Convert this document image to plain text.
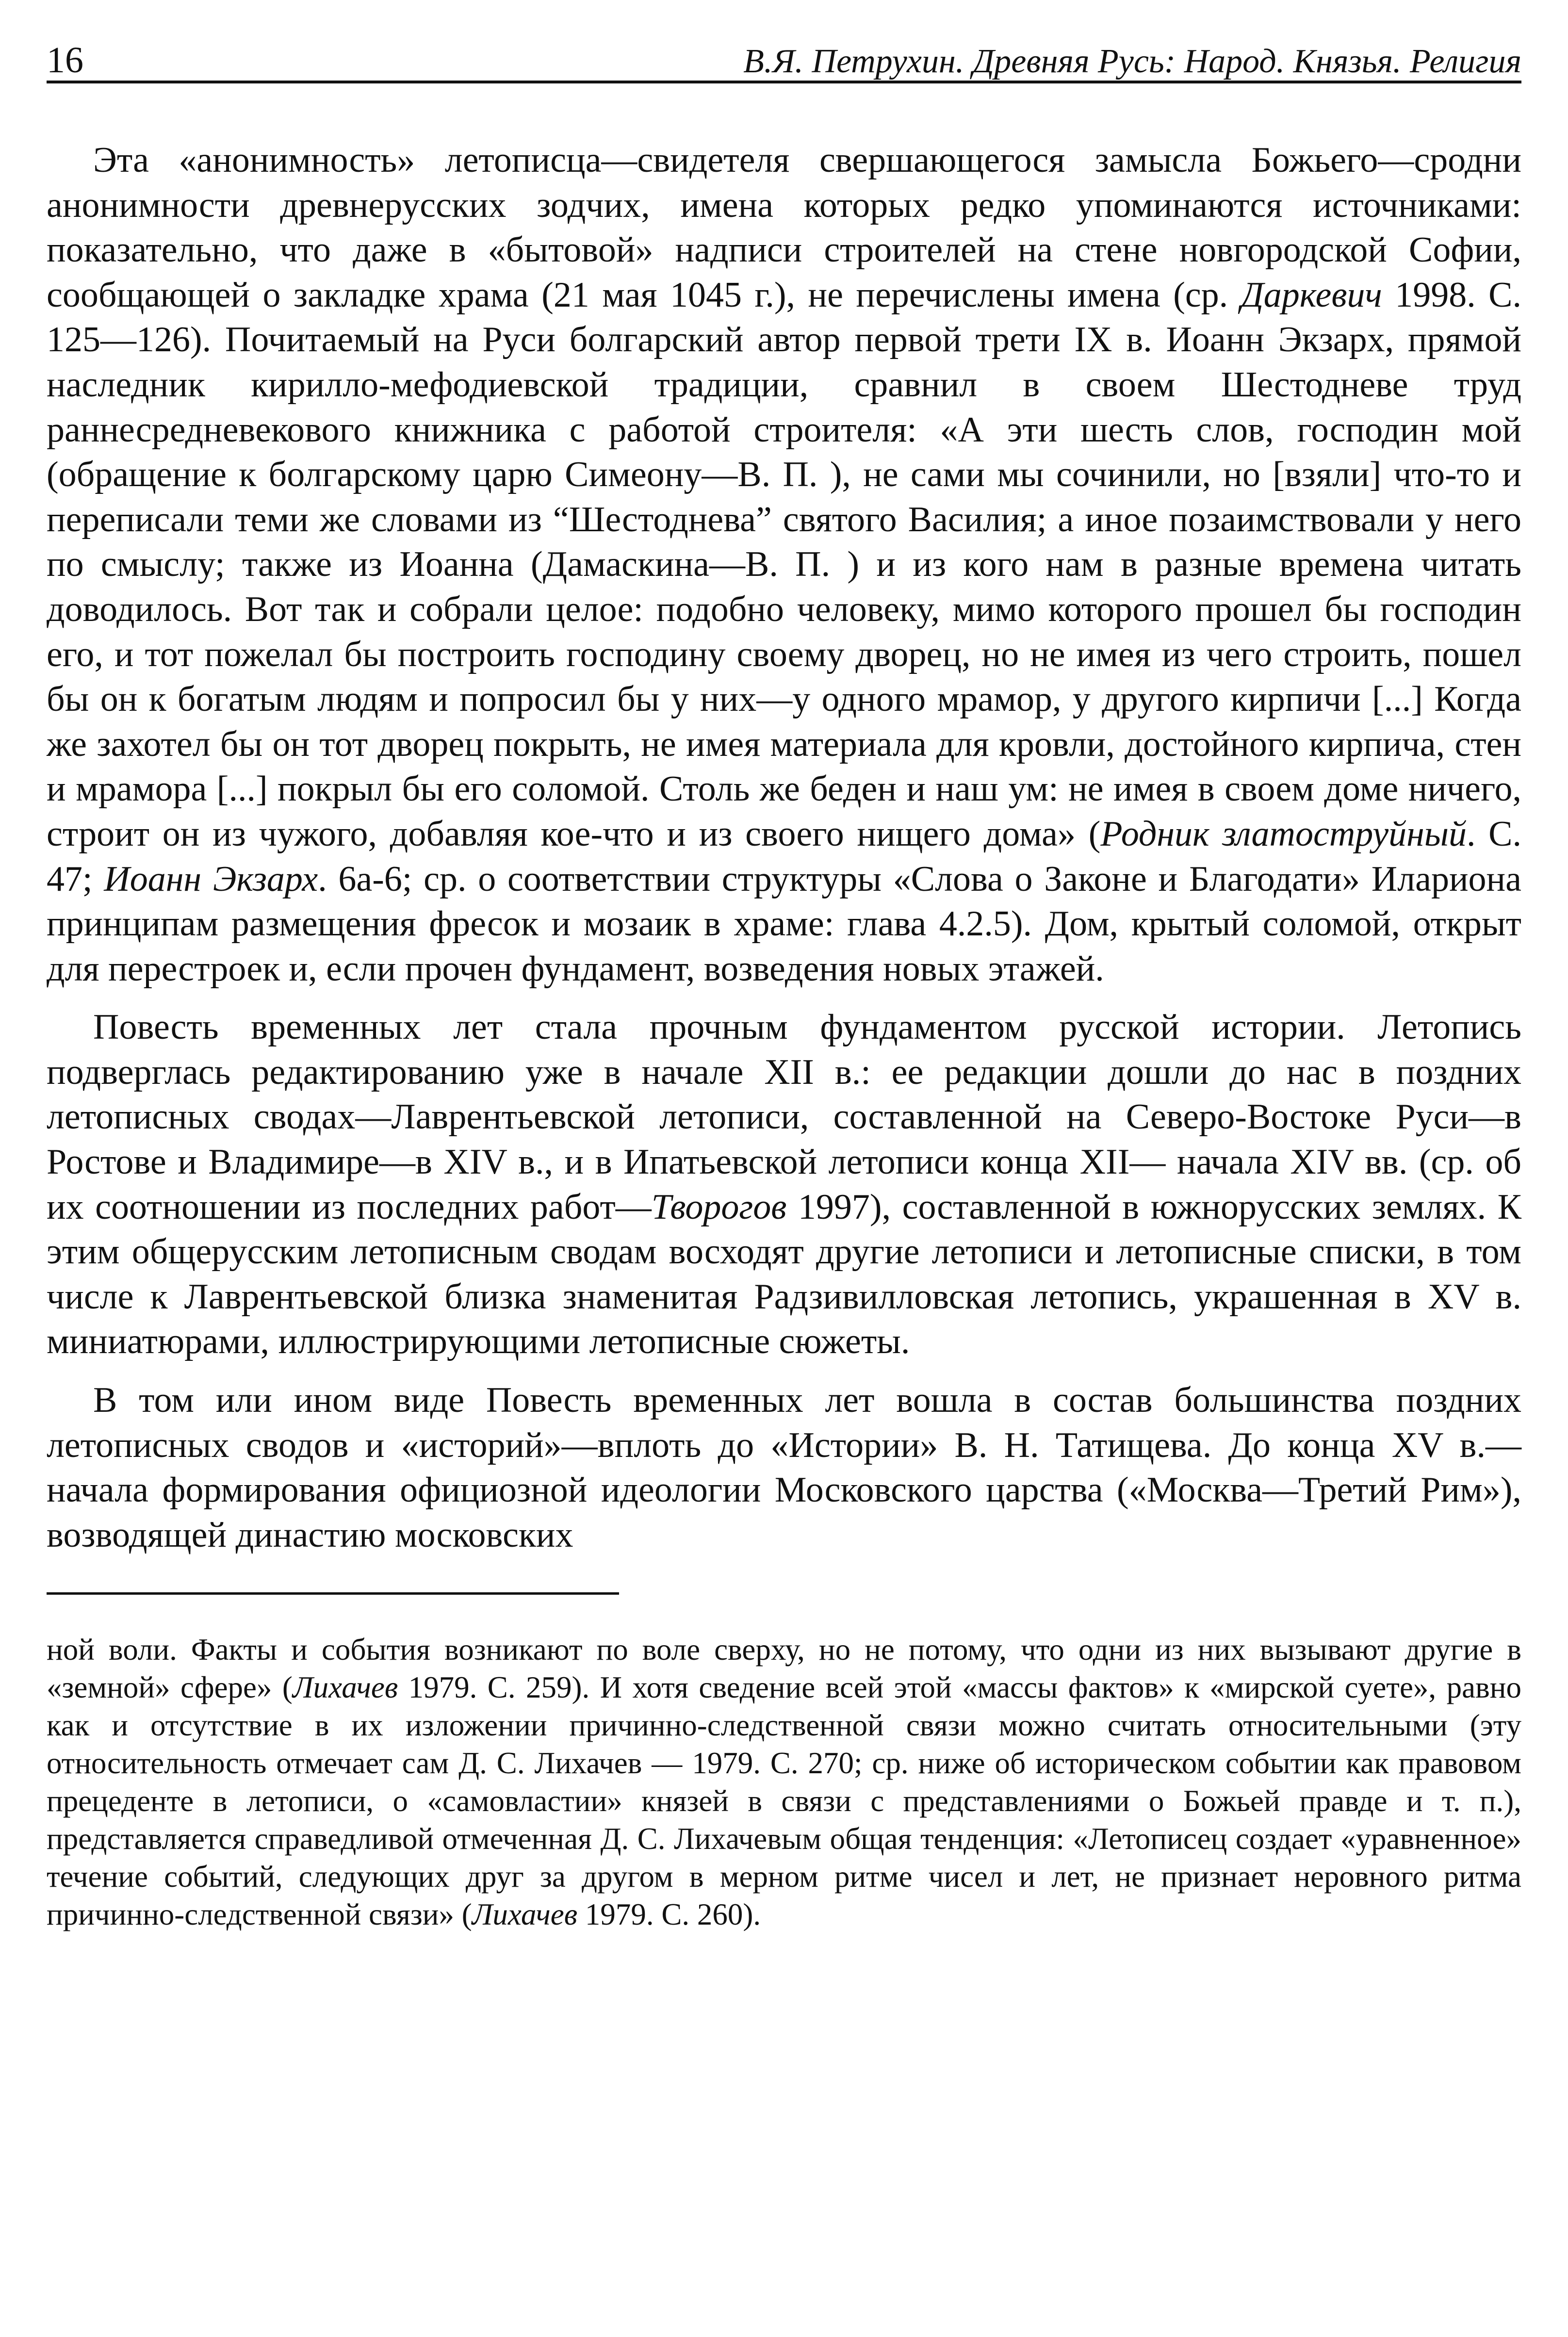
16	В.Я. Петрухин. Древняя Русь: Народ. Князья. Религия

Эта «анонимность» летописца—свидетеля свершающегося замысла Божьего—сродни анонимности древнерусских зодчих, имена которых редко упоминаются источниками: показательно, что даже в «бытовой» надписи строителей на стене новгородской Софии, сообщающей о закладке храма (21 мая 1045 г.), не перечислены имена (ср. Даркевич 1998. С. 125—126). Почитаемый на Руси болгарский автор первой трети IX в. Иоанн Экзарх, прямой наследник кирилло-мефодиевской традиции, сравнил в своем Шестодневе труд раннесредневекового книжника с работой строителя: «А эти шесть слов, господин мой (обращение к болгарскому царю Симеону—В. П. ), не сами мы сочинили, но [взяли] что-то и переписали теми же словами из “Шестоднева” святого Василия; а иное позаимствовали у него по смыслу; также из Иоанна (Дамаскина—В. П. ) и из кого нам в разные времена читать доводилось. Вот так и собрали целое: подобно человеку, мимо которого прошел бы господин его, и тот пожелал бы построить господину своему дворец, но не имея из чего строить, пошел бы он к богатым людям и попросил бы у них—у одного мрамор, у другого кирпичи [...] Когда же захотел бы он тот дворец покрыть, не имея материала для кровли, достойного кирпича, стен и мрамора [...] покрыл бы его соломой. Столь же беден и наш ум: не имея в своем доме ничего, строит он из чужого, добавляя кое-что и из своего нищего дома» (Родник златоструйный. С. 47; Иоанн Экзарх. 6а-6; ср. о соответствии структуры «Слова о Законе и Благодати» Илариона принципам размещения фресок и мозаик в храме: глава 4.2.5). Дом, крытый соломой, открыт для перестроек и, если прочен фундамент, возведения новых этажей.

Повесть временных лет стала прочным фундаментом русской истории. Летопись подверглась редактированию уже в начале XII в.: ее редакции дошли до нас в поздних летописных сводах—Лаврентьевской летописи, составленной на Северо-Востоке Руси—в Ростове и Владимире—в XIV в., и в Ипатьевской летописи конца XII— начала XIV вв. (ср. об их соотношении из последних работ—Творогов 1997), составленной в южнорусских землях. К этим общерусским летописным сводам восходят другие летописи и летописные списки, в том числе к Лаврентьевской близка знаменитая Радзивилловская летопись, украшенная в XV в. миниатюрами, иллюстрирующими летописные сюжеты.

В том или ином виде Повесть временных лет вошла в состав большинства поздних летописных сводов и «историй»—вплоть до «Истории» В. Н. Татищева. До конца XV в.—начала формирования официозной идеологии Московского царства («Москва—Третий Рим»), возводящей династию московских

ной воли. Факты и события возникают по воле сверху, но не потому, что одни из них вызывают другие в «земной» сфере» (Лихачев 1979. С. 259). И хотя сведение всей этой «массы фактов» к «мирской суете», равно как и отсутствие в их изложении причинно-следственной связи можно считать относительными (эту относительность отмечает сам Д. С. Лихачев — 1979. С. 270; ср. ниже об историческом событии как правовом прецеденте в летописи, о «самовластии» князей в связи с представлениями о Божьей правде и т. п.), представляется справедливой отмеченная Д. С. Лихачевым общая тенденция: «Летописец создает «уравненное» течение событий, следующих друг за другом в мерном ритме чисел и лет, не признает неровного ритма причинно-следственной связи» (Лихачев 1979. С. 260).
